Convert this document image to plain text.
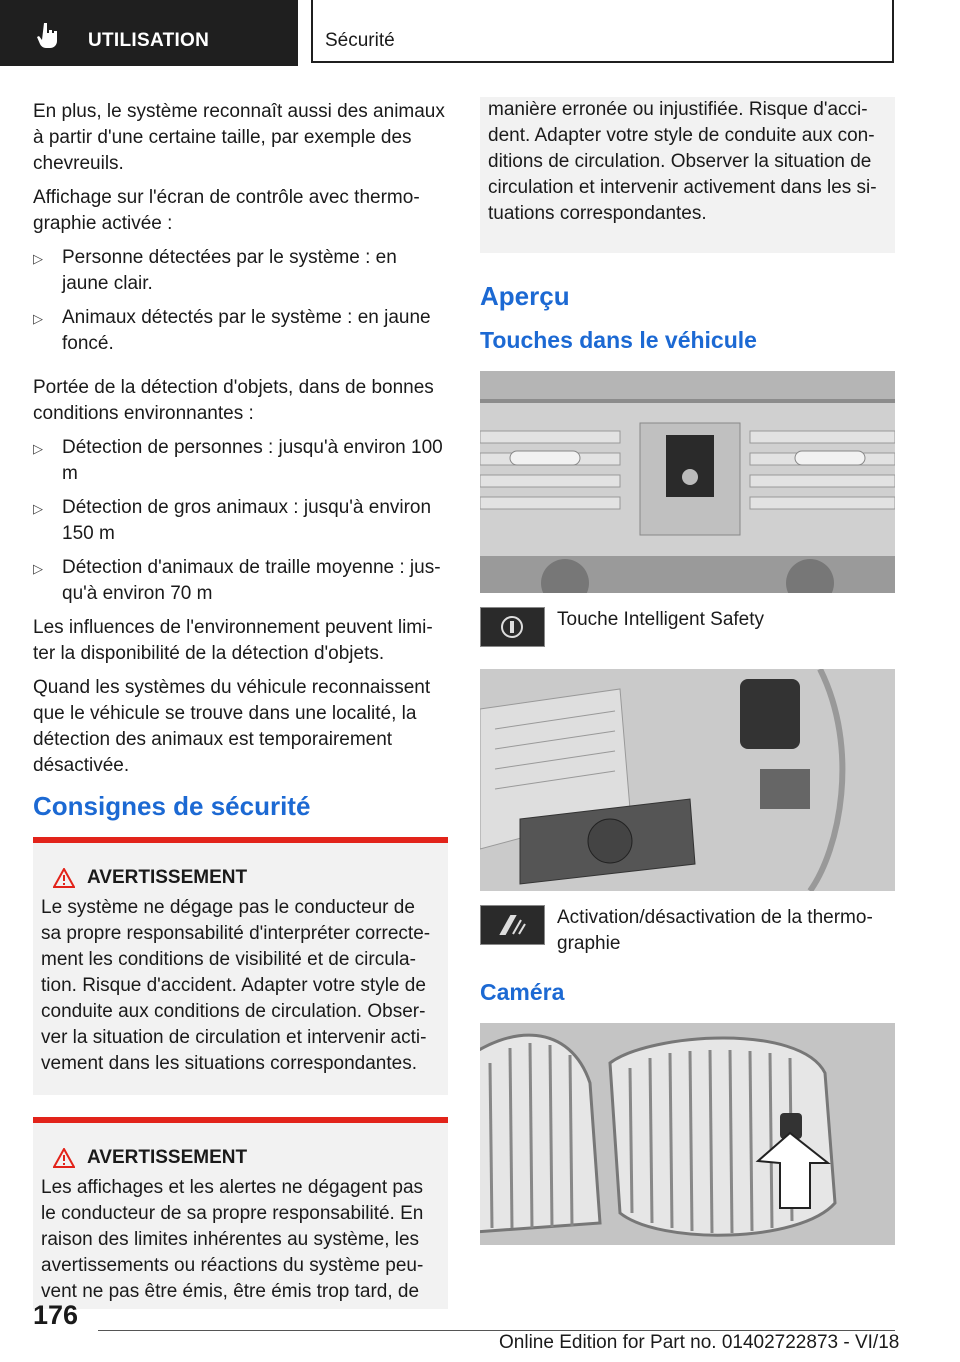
UTILISATION	Sécurité

En plus, le système reconnaît aussi des animaux à partir d'une certaine taille, par exemple des chevreuils.

Affichage sur l'écran de contrôle avec thermographie activée :

▷	Personne détectées par le système : en jaune clair.
▷	Animaux détectés par le système : en jaune foncé.

Portée de la détection d'objets, dans de bonnes conditions environnantes :

▷	Détection de personnes : jusqu'à environ 100 m
▷	Détection de gros animaux : jusqu'à environ 150 m
▷	Détection d'animaux de traille moyenne : jusqu'à environ 70 m

Les influences de l'environnement peuvent limiter la disponibilité de la détection d'objets.

Quand les systèmes du véhicule reconnaissent que le véhicule se trouve dans une localité, la détection des animaux est temporairement désactivée.

Consignes de sécurité
AVERTISSEMENT
Le système ne dégage pas le conducteur de sa propre responsabilité d'interpréter correctement les conditions de visibilité et de circulation. Risque d'accident. Adapter votre style de conduite aux conditions de circulation. Observer la situation de circulation et intervenir activement dans les situations correspondantes.
AVERTISSEMENT
Les affichages et les alertes ne dégagent pas le conducteur de sa propre responsabilité. En raison des limites inhérentes au système, les avertissements ou réactions du système peuvent ne pas être émis, être émis trop tard, de
manière erronée ou injustifiée. Risque d'accident. Adapter votre style de conduite aux conditions de circulation. Observer la situation de circulation et intervenir activement dans les situations correspondantes.
Aperçu
Touches dans le véhicule
Touche Intelligent Safety
Activation/désactivation de la thermographie
Caméra
176
Online Edition for Part no. 01402722873 - VI/18
